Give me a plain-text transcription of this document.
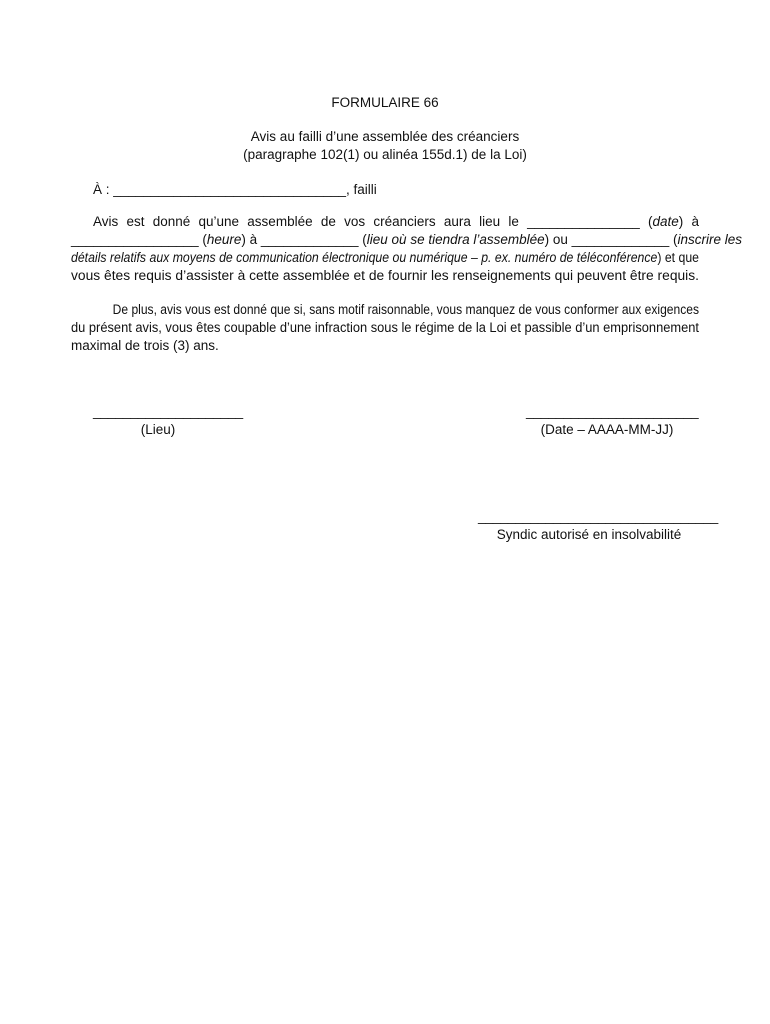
FORMULAIRE 66
Avis au failli d’une assemblée des créanciers
(paragraphe 102(1) ou alinéa 155d.1) de la Loi)
À : _______________________________, failli
Avis est donné qu’une assemblée de vos créanciers aura lieu le _______________ (date) à
_________________ (heure) à _____________ (lieu où se tiendra l’assemblée) ou _____________ (inscrire les
détails relatifs aux moyens de communication électronique ou numérique – p. ex. numéro de téléconférence) et que
vous êtes requis d’assister à cette assemblée et de fournir les renseignements qui peuvent être requis.
De plus, avis vous est donné que si, sans motif raisonnable, vous manquez de vous conformer aux exigences
du présent avis, vous êtes coupable d’une infraction sous le régime de la Loi et passible d’un emprisonnement
maximal de trois (3) ans.
____________________
(Lieu)
_______________________
(Date – AAAA-MM-JJ)
________________________________
Syndic autorisé en insolvabilité
